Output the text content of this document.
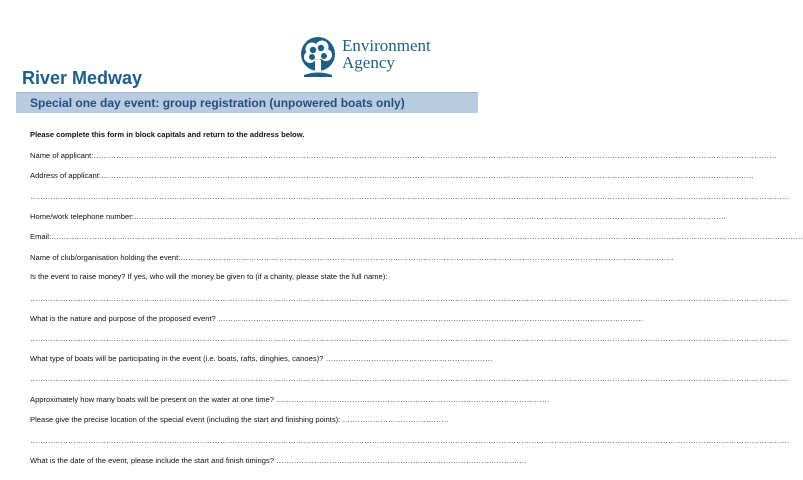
Environment
Agency
River Medway
Special one day event: group registration (unpowered boats only)
Please complete this form in block capitals and return to the address below.
Name of applicant:………………………………………………………………………………………………………………………………………………………………………………………………………………………………………………
Address of applicant:……………………………………………………………………………………………………………………………………………………………………………………………………………………………………
…………………………………………………………………………………………………………………………………………………………………………………………………………………………………………………………………………
Home/work telephone number:………………………………………………………………………………………………………………………………………………………………………………………………………………
Email:………………………………………………………………………………………………………………………………………………………………………………………………………………………………………………………………………
Name of club/organisation holding the event:……………………………………………………………………………………………………………………………………………………………………………
Is the event to raise money? If yes, who will the money be given to (if a charity, please state the full name):
…………………………………………………………………………………………………………………………………………………………………………………………………………………………………………………………………………
What is the nature and purpose of the proposed event? ……………………………………………………………………………………………………………………………………………………
…………………………………………………………………………………………………………………………………………………………………………………………………………………………………………………………………………
What type of boats will be participating in the event (i.e. boats, rafts, dinghies, canoes)? …………………………………………………………
…………………………………………………………………………………………………………………………………………………………………………………………………………………………………………………………………………
Approximately how many boats will be present on the water at one time? ………………………………………………………………………………………………
Please give the precise location of the special event (including the start and finishing points): ……………………………………
…………………………………………………………………………………………………………………………………………………………………………………………………………………………………………………………………………
What is the date of the event, please include the start and finish timings? ………………………………………………………………………………………
